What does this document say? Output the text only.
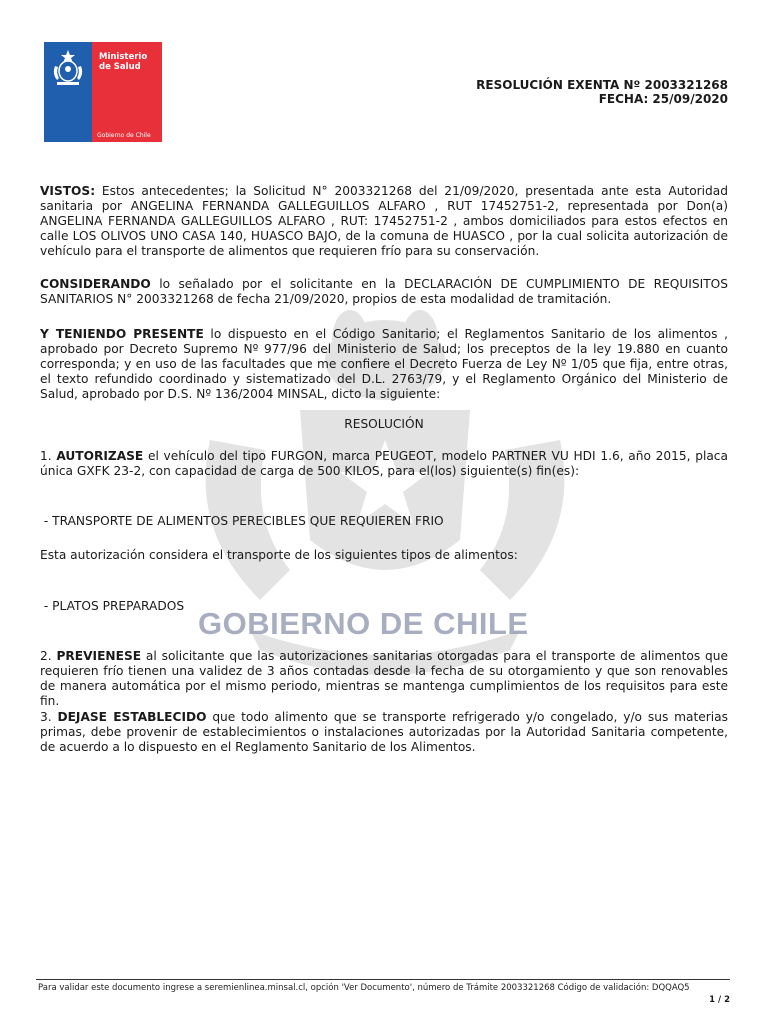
Ministerio de Salud
Gobierno de Chile
RESOLUCIÓN EXENTA Nº 2003321268
FECHA: 25/09/2020
GOBIERNO DE CHILE
VISTOS: Estos antecedentes; la Solicitud N° 2003321268 del 21/09/2020, presentada ante esta Autoridad sanitaria por ANGELINA FERNANDA GALLEGUILLOS ALFARO , RUT 17452751-2, representada por Don(a) ANGELINA FERNANDA GALLEGUILLOS ALFARO , RUT: 17452751-2 , ambos domiciliados para estos efectos en calle LOS OLIVOS UNO CASA 140, HUASCO BAJO, de la comuna de HUASCO , por la cual solicita autorización de vehículo para el transporte de alimentos que requieren frío para su conservación.
CONSIDERANDO lo señalado por el solicitante en la DECLARACIÓN DE CUMPLIMIENTO DE REQUISITOS SANITARIOS N° 2003321268 de fecha 21/09/2020, propios de esta modalidad de tramitación.
Y TENIENDO PRESENTE lo dispuesto en el Código Sanitario; el Reglamentos Sanitario de los alimentos , aprobado por Decreto Supremo Nº 977/96 del Ministerio de Salud; los preceptos de la ley 19.880 en cuanto corresponda; y en uso de las facultades que me confiere el Decreto Fuerza de Ley Nº 1/05 que fija, entre otras, el texto refundido coordinado y sistematizado del D.L. 2763/79, y el Reglamento Orgánico del Ministerio de Salud, aprobado por D.S. Nº 136/2004 MINSAL, dicto la siguiente:
RESOLUCIÓN
1. AUTORIZASE el vehículo del tipo FURGON, marca PEUGEOT, modelo PARTNER VU HDI 1.6, año 2015, placa única GXFK 23-2, con capacidad de carga de 500 KILOS, para el(los) siguiente(s) fin(es):
- TRANSPORTE DE ALIMENTOS PERECIBLES QUE REQUIEREN FRIO
Esta autorización considera el transporte de los siguientes tipos de alimentos:
- PLATOS PREPARADOS
2. PREVIENESE al solicitante que las autorizaciones sanitarias otorgadas para el transporte de alimentos que requieren frío tienen una validez de 3 años contadas desde la fecha de su otorgamiento y que son renovables de manera automática por el mismo periodo, mientras se mantenga cumplimientos de los requisitos para este fin.
3. DEJASE ESTABLECIDO que todo alimento que se transporte refrigerado y/o congelado, y/o sus materias primas, debe provenir de establecimientos o instalaciones autorizadas por la Autoridad Sanitaria competente, de acuerdo a lo dispuesto en el Reglamento Sanitario de los Alimentos.
Para validar este documento ingrese a seremienlinea.minsal.cl, opción 'Ver Documento', número de Trámite 2003321268 Código de validación: DQQAQ5
1 / 2
